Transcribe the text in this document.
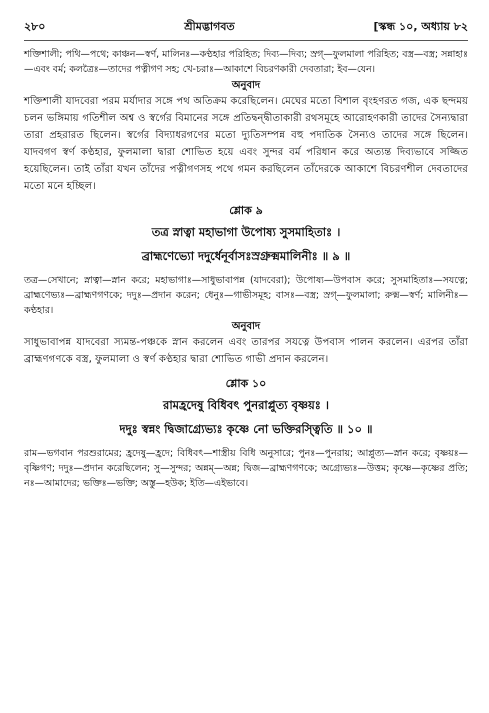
২৮০	শ্রীমদ্ভাগবত	[স্কন্ধ ১০, অধ্যায় ৮২
শক্তিশালী; পথি—পথে; কাঞ্চন—স্বর্ণ, মালিনঃ—কণ্ঠহার পরিহিত; দিব্য—দিব্য; স্রগ্‌—ফুলমালা পরিহিত; বস্ত্র—বস্ত্র; সন্নাহাঃ—এবং বর্ম; কলত্রৈঃ—তাদের পত্নীগণ সহ; খে-চরাঃ—আকাশে বিচরণকারী দেবতারা; ইব—যেন।
অনুবাদ
শক্তিশালী যাদবেরা পরম মর্যাদার সঙ্গে পথ অতিক্রম করেছিলেন। মেঘের মতো বিশাল বৃংহণরত গজ, এক ছন্দময় চলন ভঙ্গিমায় গতিশীল অশ্ব ও স্বর্গের বিমানের সঙ্গে প্রতিদ্বন্দ্বীতাকারী রথসমূহে আরোহণকারী তাদের সৈন্যদ্বারা তারা প্রহরারত ছিলেন। স্বর্গের বিদ্যাধরগণের মতো দ্যুতিসম্পন্ন বহু পদাতিক সৈন্যও তাদের সঙ্গে ছিলেন। যাদবগণ স্বর্ণ কণ্ঠহার, ফুলমালা দ্বারা শোভিত হয়ে এবং সুন্দর বর্ম পরিধান করে অত্যন্ত দিব্যভাবে সজ্জিত হয়েছিলেন। তাই তাঁরা যখন তাঁদের পত্নীগণসহ পথে গমন করছিলেন তাঁদেরকে আকাশে বিচরণশীল দেবতাদের মতো মনে হচ্ছিল।
শ্লোক ৯
তত্র স্নাত্বা মহাভাগা উপোষ্য সুসমাহিতাঃ ।
ব্রাহ্মণেভ্যো দদুর্ধেনূর্বাসঃস্রগ্রুক্মমালিনীঃ ॥ ৯ ॥
তত্র—সেখানে; স্নাত্বা—স্নান করে; মহাভাগাঃ—সাধুভাবাপন্ন (যাদবেরা); উপোষ্য—উপবাস করে; সুসমাহিতাঃ—সযত্নে; ব্রাহ্মণেভ্যঃ—ব্রাহ্মণগণকে; দদুঃ—প্রদান করেন; ধেনুঃ—গাভীসমূহ; বাসঃ—বস্ত্র; স্রগ্‌—ফুলমালা; রুক্ম—স্বর্ণ; মালিনীঃ—কণ্ঠহার।
অনুবাদ
সাধুভাবাপন্ন যাদবেরা স্যমন্ত-পঞ্চকে স্নান করলেন এবং তারপর সযত্নে উপবাস পালন করলেন। এরপর তাঁরা ব্রাহ্মণগণকে বস্ত্র, ফুলমালা ও স্বর্ণ কণ্ঠহার দ্বারা শোভিত গাভী প্রদান করলেন।
শ্লোক ১০
রামহ্রদেষু বিধিবৎ পুনরাপ্লুত্য বৃষ্ণয়ঃ ।
দদুঃ স্বন্নং দ্বিজাগ্র্যেভ্যঃ কৃষ্ণে নো ভক্তিরস্ত্বিতি ॥ ১০ ॥
রাম—ভগবান পরশুরামের; হ্রদেষু—হ্রদে; বিধিবৎ—শাস্ত্রীয় বিধি অনুসারে; পুনঃ—পুনরায়; আপ্লুত্য—স্নান করে; বৃষ্ণয়ঃ—বৃষ্ণিগণ; দদুঃ—প্রদান করেছিলেন; সু—সুন্দর; অন্নম্‌—অন্ন; দ্বিজ—ব্রাহ্মণগণকে; অগ্র্যেভ্যঃ—উত্তম; কৃষ্ণে—কৃষ্ণের প্রতি; নঃ—আমাদের; ভক্তিঃ—ভক্তি; অস্তু—হউক; ইতি—এইভাবে।
